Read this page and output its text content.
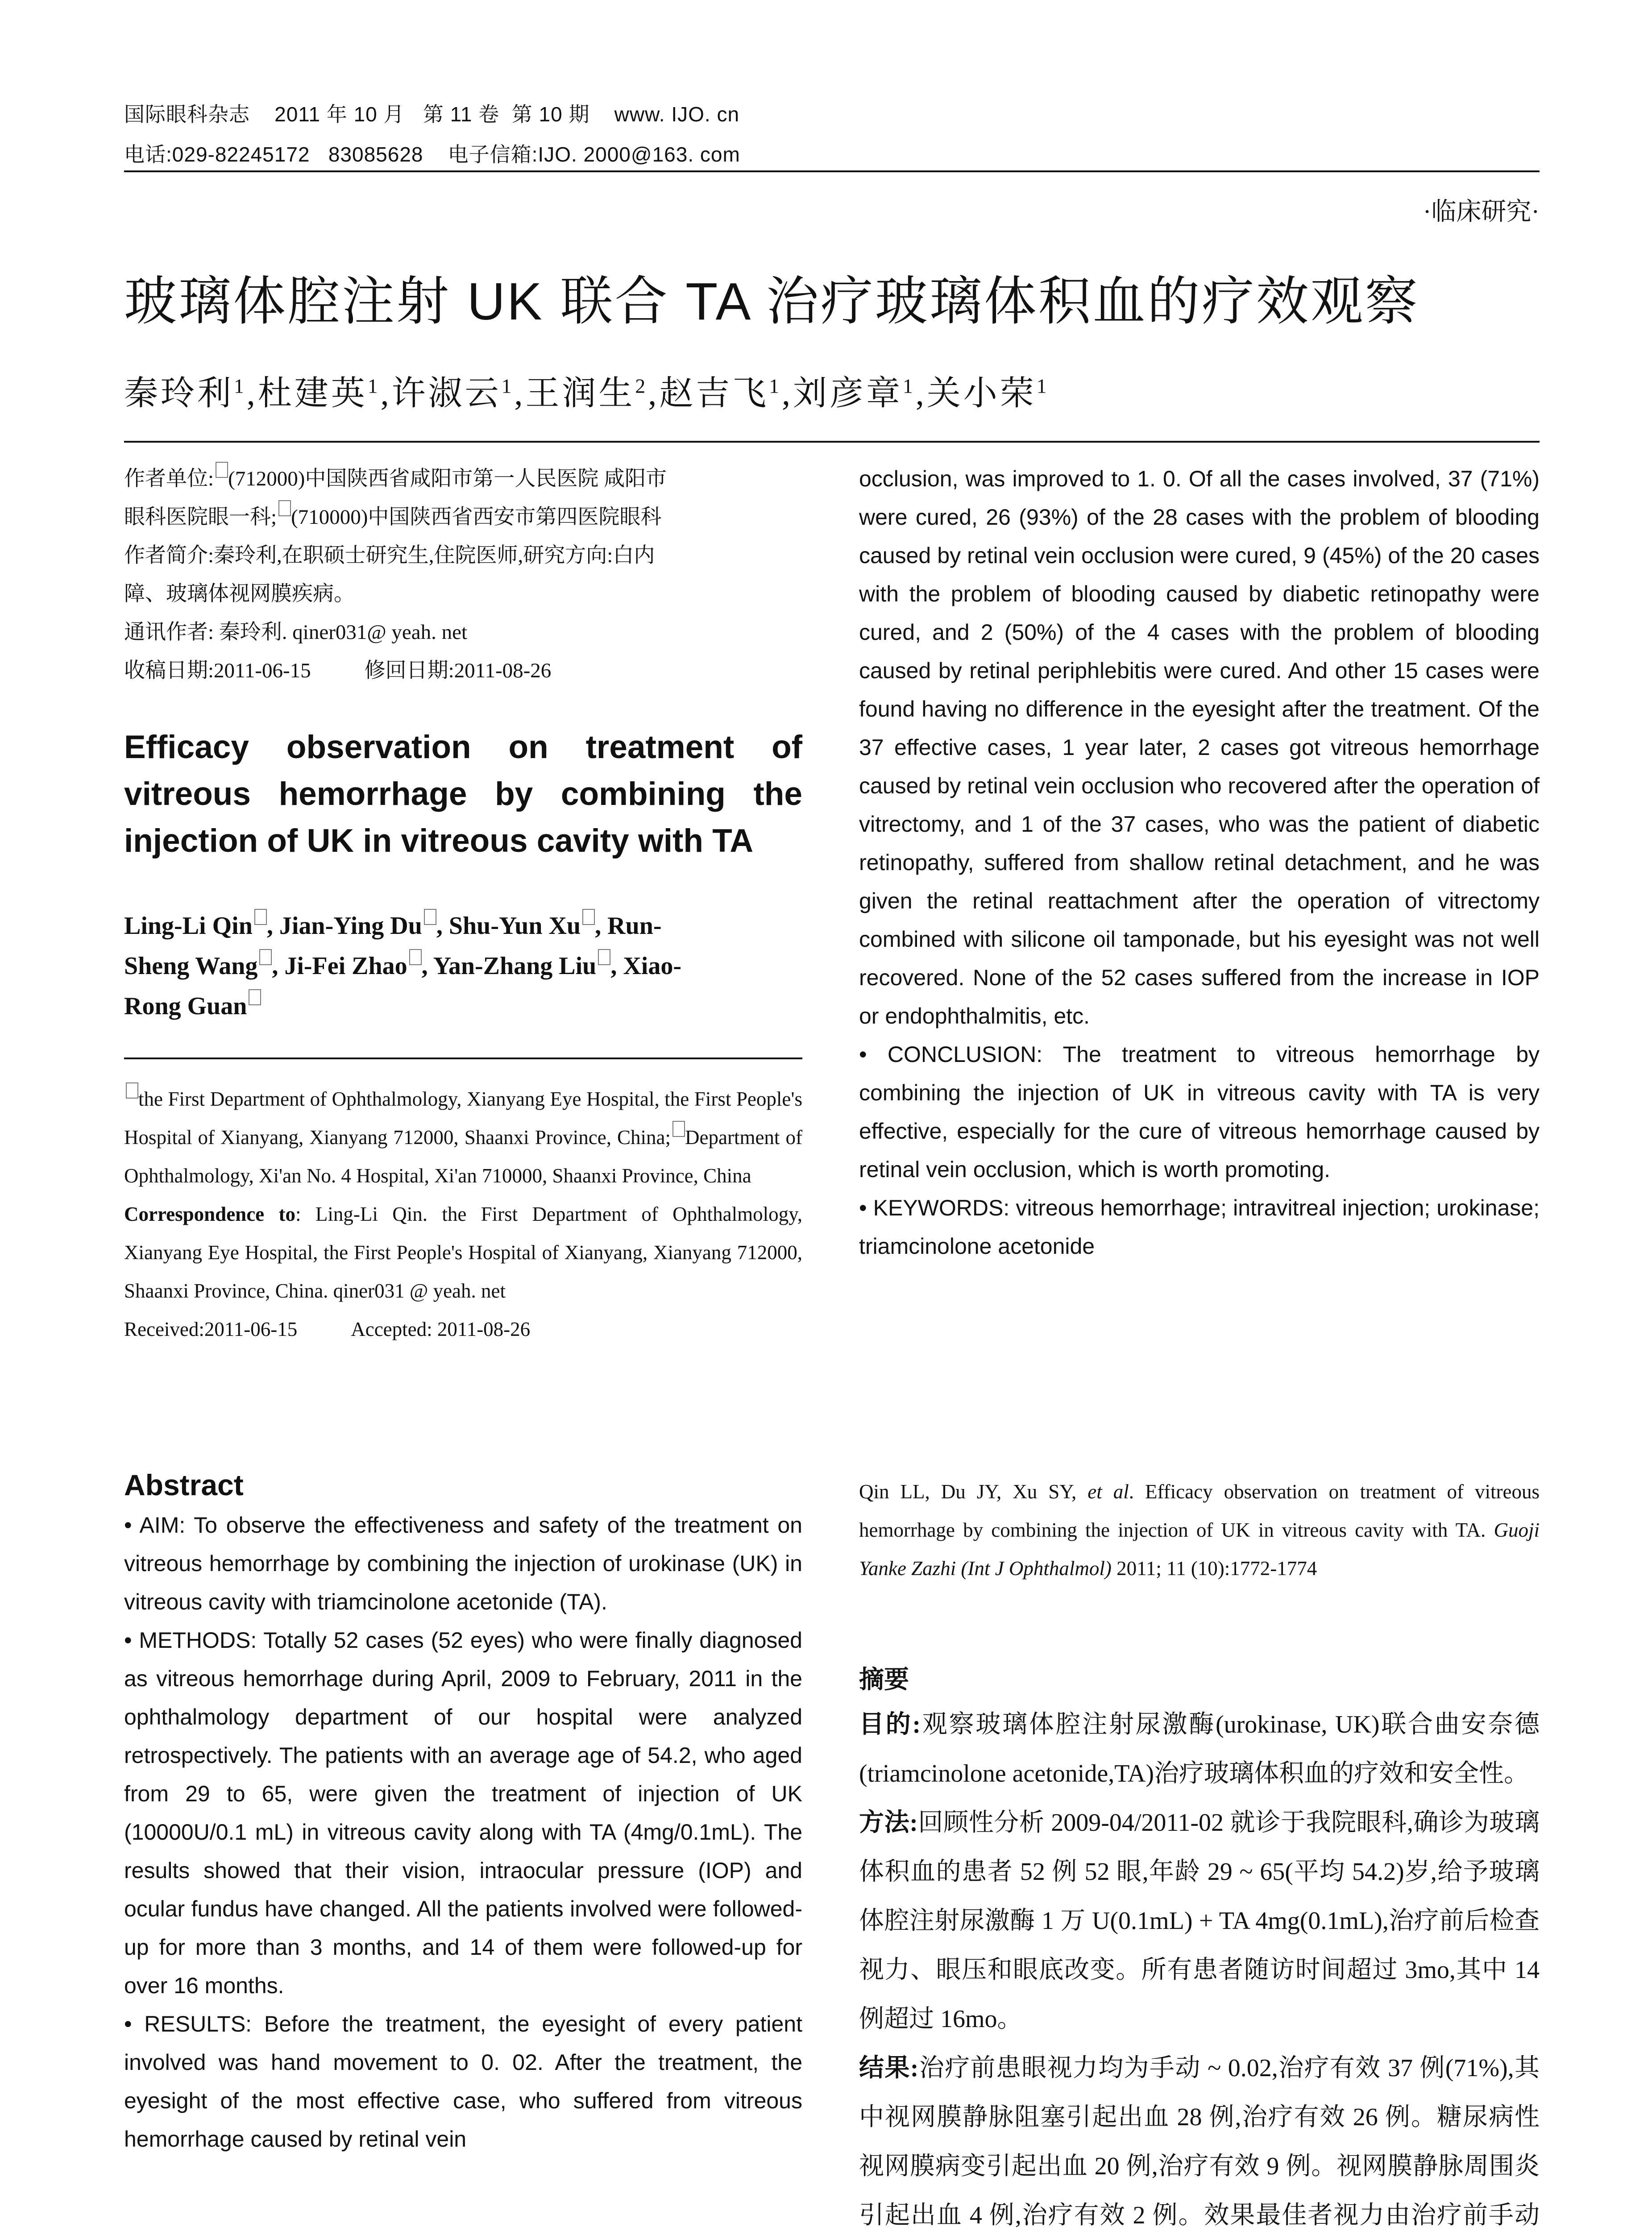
国际眼科杂志 2011 年 10 月 第 11 卷 第 10 期 www. IJO. cn
电话:029-82245172   83085628 电子信箱:IJO. 2000@163. com
·临床研究·
玻璃体腔注射 UK 联合 TA 治疗玻璃体积血的疗效观察
秦玲利$^1$,杜建英$^1$,许淑云$^1$,王润生$^2$,赵吉飞$^1$,刘彦章$^1$,关小荣$^1$

作者单位: (712000)中国陕西省咸阳市第一人民医院 咸阳市

眼科医院眼一科; (710000)中国陕西省西安市第四医院眼科

作者简介:秦玲利,在职硕士研究生,住院医师,研究方向:白内

障、玻璃体视网膜疾病。

通讯作者: 秦玲利. qiner031@ yeah. net

收稿日期:2011-06-15	修回日期:2011-08-26

Efficacy observation on treatment of vitreous hemorrhage by combining the injection of UK in vitreous cavity with TA

Ling-Li Qin , Jian-Ying Du , Shu-Yun Xu , Run-

Sheng Wang , Ji-Fei Zhao , Yan-Zhang Liu , Xiao-

Rong Guan

the First Department of Ophthalmology, Xianyang Eye Hospital, the First People's Hospital of Xianyang, Xianyang 712000, Shaanxi Province, China; Department of Ophthalmology, Xi'an No. 4 Hospital, Xi'an 710000, Shaanxi Province, China

Correspondence to: Ling-Li Qin. the First Department of Ophthalmology, Xianyang Eye Hospital, the First People's Hospital of Xianyang, Xianyang 712000, Shaanxi Province, China. qiner031 @ yeah. net

Received:2011-06-15	Accepted: 2011-08-26

Abstract

• AIM: To observe the effectiveness and safety of the treatment on vitreous hemorrhage by combining the injection of urokinase (UK) in vitreous cavity with triamcinolone acetonide (TA).

• METHODS: Totally 52 cases (52 eyes) who were finally diagnosed as vitreous hemorrhage during April, 2009 to February, 2011 in the ophthalmology department of our hospital were analyzed retrospectively. The patients with an average age of 54.2, who aged from 29 to 65, were given the treatment of injection of UK (10000U/0.1 mL) in vitreous cavity along with TA (4mg/0.1mL). The results showed that their vision, intraocular pressure (IOP) and ocular fundus have changed. All the patients involved were followed-up for more than 3 months, and 14 of them were followed-up for over 16 months.

• RESULTS: Before the treatment, the eyesight of every patient involved was hand movement to 0. 02. After the treatment, the eyesight of the most effective case, who suffered from vitreous hemorrhage caused by retinal vein

occlusion, was improved to 1. 0. Of all the cases involved, 37 (71%) were cured, 26 (93%) of the 28 cases with the problem of blooding caused by retinal vein occlusion were cured, 9 (45%) of the 20 cases with the problem of blooding caused by diabetic retinopathy were cured, and 2 (50%) of the 4 cases with the problem of blooding caused by retinal periphlebitis were cured. And other 15 cases were found having no difference in the eyesight after the treatment. Of the 37 effective cases, 1 year later, 2 cases got vitreous hemorrhage caused by retinal vein occlusion who recovered after the operation of vitrectomy, and 1 of the 37 cases, who was the patient of diabetic retinopathy, suffered from shallow retinal detachment, and he was given the retinal reattachment after the operation of vitrectomy combined with silicone oil tamponade, but his eyesight was not well recovered. None of the 52 cases suffered from the increase in IOP or endophthalmitis, etc.

• CONCLUSION: The treatment to vitreous hemorrhage by combining the injection of UK in vitreous cavity with TA is very effective, especially for the cure of vitreous hemorrhage caused by retinal vein occlusion, which is worth promoting.

• KEYWORDS: vitreous hemorrhage; intravitreal injection; urokinase; triamcinolone acetonide

Qin LL, Du JY, Xu SY, et al. Efficacy observation on treatment of vitreous hemorrhage by combining the injection of UK in vitreous cavity with TA. Guoji Yanke Zazhi (Int J Ophthalmol) 2011; 11 (10):1772-1774

摘要

目的:观察玻璃体腔注射尿激酶(urokinase, UK)联合曲安奈德(triamcinolone acetonide,TA)治疗玻璃体积血的疗效和安全性。

方法:回顾性分析 2009-04/2011-02 就诊于我院眼科,确诊为玻璃体积血的患者 52 例 52 眼,年龄 29 ~ 65(平均 54.2)岁,给予玻璃体腔注射尿激酶 1 万 U(0.1mL) + TA 4mg(0.1mL),治疗前后检查视力、眼压和眼底改变。所有患者随访时间超过 3mo,其中 14 例超过 16mo。

结果:治疗前患眼视力均为手动 ~ 0.02,治疗有效 37 例(71%),其中视网膜静脉阻塞引起出血 28 例,治疗有效 26 例。糖尿病性视网膜病变引起出血 20 例,治疗有效 9 例。视网膜静脉周围炎引起出血 4 例,治疗有效 2 例。效果最佳者视力由治疗前手动
